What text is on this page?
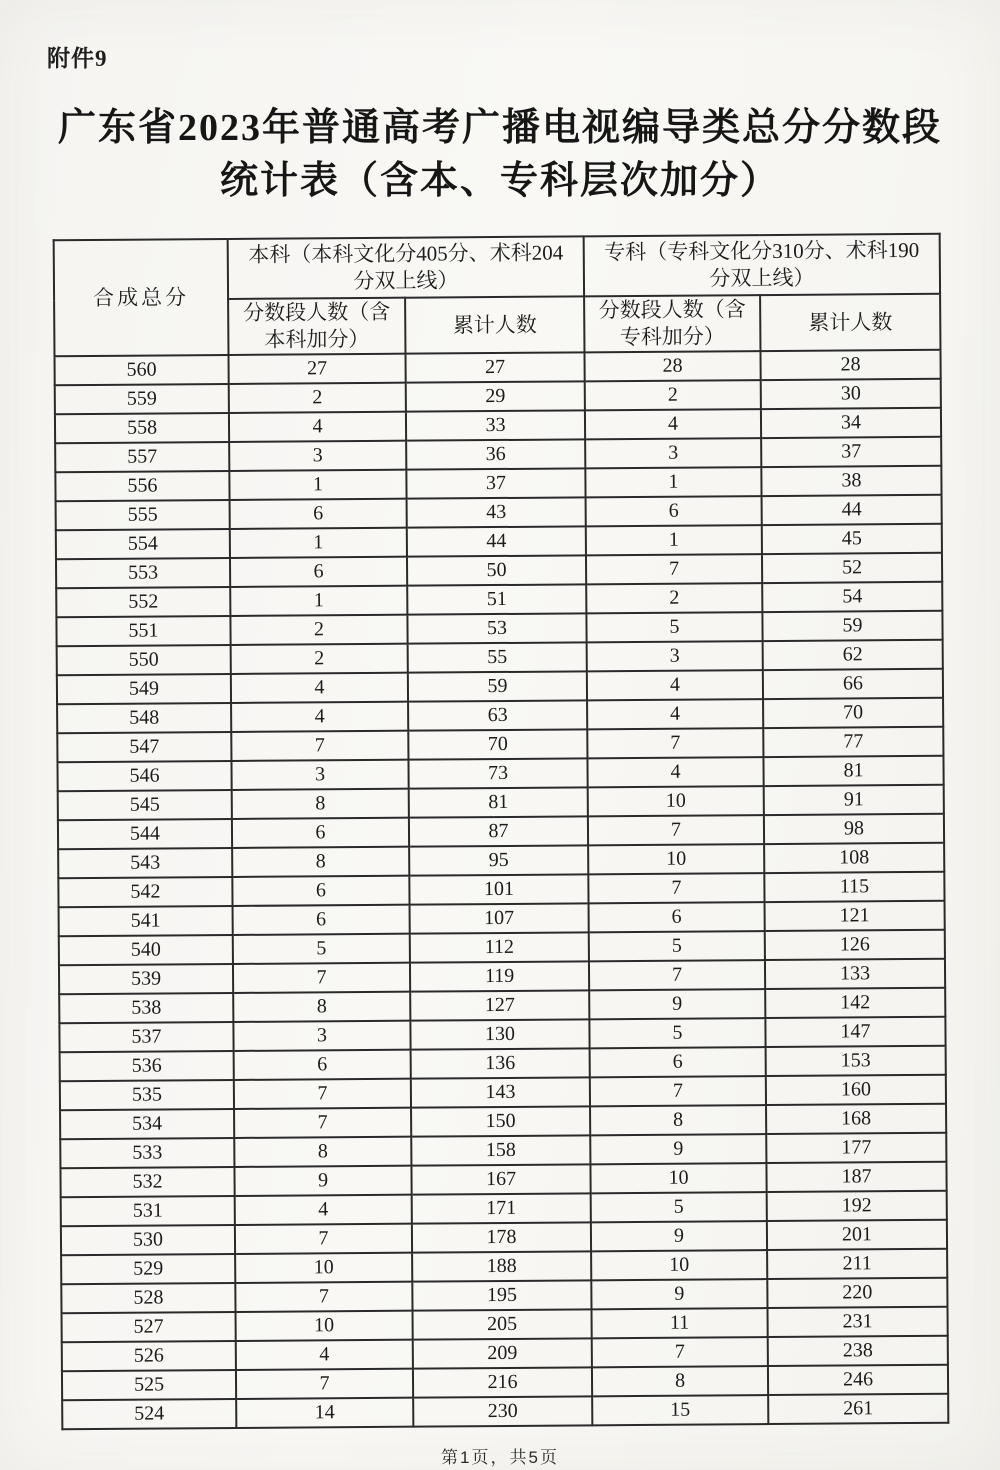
附件9
广东省2023年普通高考广播电视编导类总分分数段
统计表（含本、专科层次加分）
合成总分	本科（本科文化分405分、术科204
分双上线）		专科（专科文化分310分、术科190
分双上线）	
	分数段人数（含
本科加分）	累计人数	分数段人数（含
专科加分）	累计人数
560	27	27	28	28
559	2	29	2	30
558	4	33	4	34
557	3	36	3	37
556	1	37	1	38
555	6	43	6	44
554	1	44	1	45
553	6	50	7	52
552	1	51	2	54
551	2	53	5	59
550	2	55	3	62
549	4	59	4	66
548	4	63	4	70
547	7	70	7	77
546	3	73	4	81
545	8	81	10	91
544	6	87	7	98
543	8	95	10	108
542	6	101	7	115
541	6	107	6	121
540	5	112	5	126
539	7	119	7	133
538	8	127	9	142
537	3	130	5	147
536	6	136	6	153
535	7	143	7	160
534	7	150	8	168
533	8	158	9	177
532	9	167	10	187
531	4	171	5	192
530	7	178	9	201
529	10	188	10	211
528	7	195	9	220
527	10	205	11	231
526	4	209	7	238
525	7	216	8	246
524	14	230	15	261
第1页，共5页
